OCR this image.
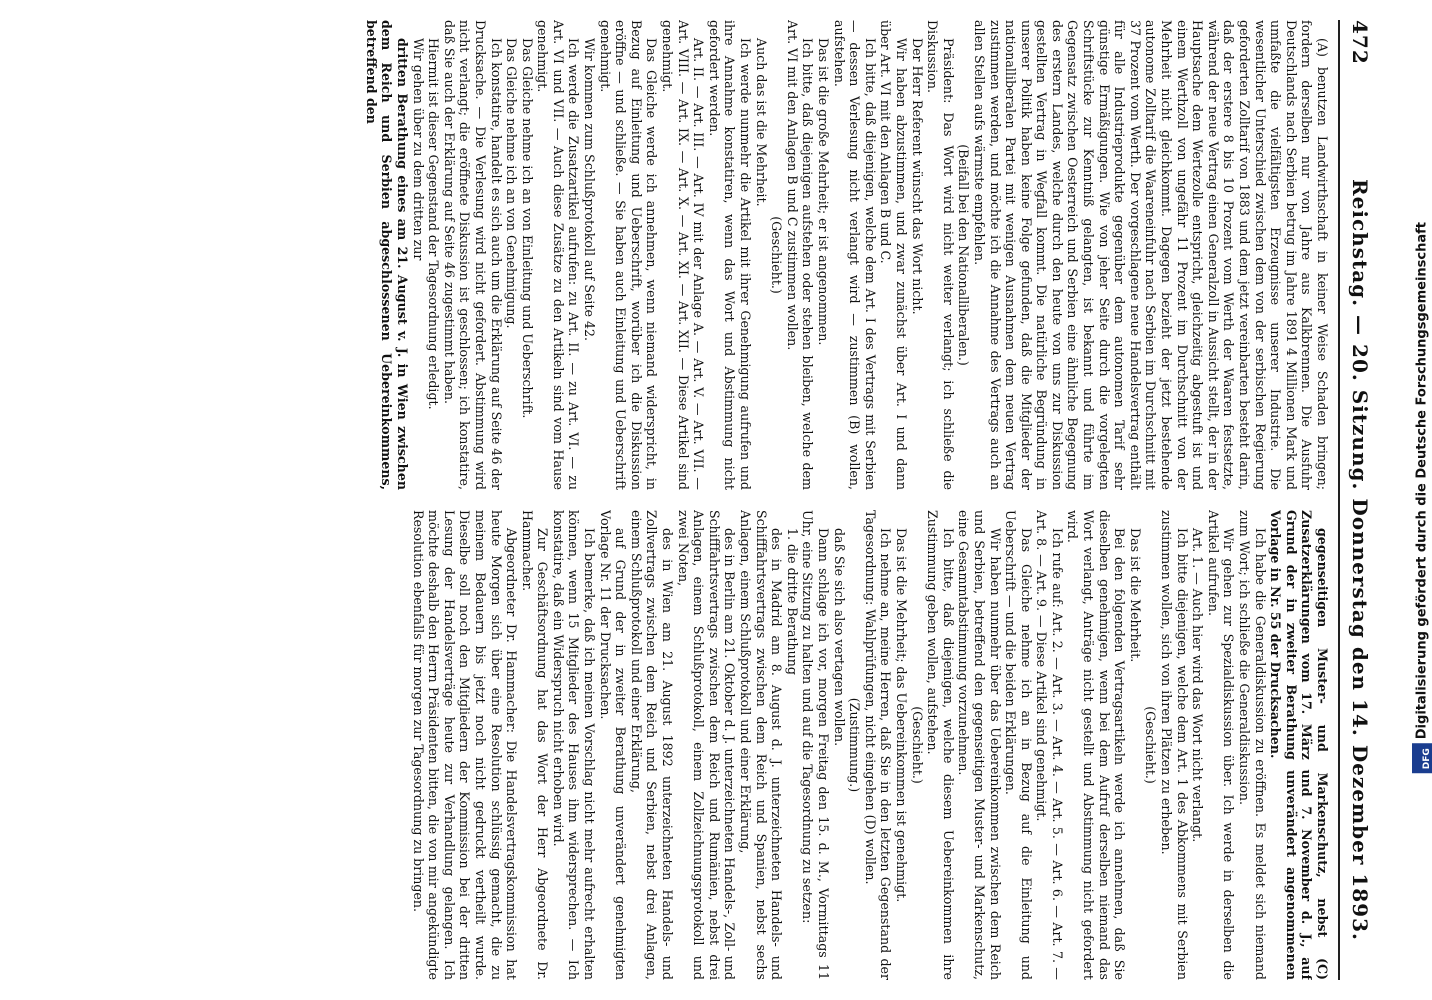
472
Reichstag. — 20. Sitzung. Donnerstag den 14. Dezember 1893.

(A) benutzen Landwirthschaft in keiner Weise Schaden bringen; fordern derselben nur von Jahre aus Kalkbrennen. Die Ausfuhr Deutschlands nach Serbien betrug im Jahre 1891 4 Millionen Mark und umfaßte die vielfältigsten Erzeugnisse unserer Industrie. Die wesentlicher Unterschied zwischen dem von der serbischen Regierung geforderten Zolltarif von 1883 und dem jetzt vereinbarten besteht darin, daß der erstere 8 bis 10 Prozent vom Werth der Waaren festsetzte, während der neue Vertrag einen Generalzoll in Aussicht stellt, der in der Hauptsache dem Wertezolle entspricht, gleichzeitig abgestuft ist und einem Werthzoll von ungefähr 11 Prozent im Durchschnitt von der Mehrheit nicht gleichkommt. Dagegen bezieht der jetzt bestehende autonome Zolltarif die Waareneinfuhr nach Serbien im Durchschnitt mit 37 Prozent vom Werth. Der vorgeschlagene neue Handelsvertrag enthält für alle Industrieprodukte gegenüber dem autonomen Tarif sehr günstige Ermäßigungen. Wie von jeher Seite durch die vorgelegten Schriftstücke zur Kenntniß gelangten, ist bekannt und führte im Gegensatz zwischen Oesterreich und Serbien eine ähnliche Begegnung des erstern Landes, welche durch den heute von uns zur Diskussion gestellten Vertrag in Wegfall kommt. Die natürliche Begründung in unserer Politik haben keine Folge gefunden, daß die Mitglieder der nationalliberalen Partei mit wenigen Ausnahmen dem neuen Vertrag zustimmen werden, und möchte ich die Annahme des Vertrags auch an allen Stellen aufs wärmste empfehlen.

(Beifall bei den Nationalliberalen.)

Präsident: Das Wort wird nicht weiter verlangt; ich schließe die Diskussion.

Der Herr Referent wünscht das Wort nicht.

Wir haben abzustimmen, und zwar zunächst über Art. I und dann über Art. VI mit den Anlagen B und C.

Ich bitte, daß diejenigen, welche dem Art. I des Vertrags mit Serbien — dessen Verlesung nicht verlangt wird — zustimmen (B) wollen, aufstehen.

Das ist die große Mehrheit; er ist angenommen.

Ich bitte, daß diejenigen aufstehen oder stehen bleiben, welche dem Art. VI mit den Anlagen B und C zustimmen wollen.

(Geschieht.)

Auch das ist die Mehrheit.

Ich werde nunmehr die Artikel mit ihrer Genehmigung aufrufen und ihre Annahme konstatiren, wenn das Wort und Abstimmung nicht gefordert werden.

Art. II. — Art. III. — Art. IV mit der Anlage A. — Art. V. — Art. VII. — Art. VIII. — Art. IX. — Art. X. — Art. XI. — Art. XII. — Diese Artikel sind genehmigt.

Das Gleiche werde ich annehmen, wenn niemand widerspricht, in Bezug auf Einleitung und Ueberschrift, worüber ich die Diskussion eröffne — und schließe. — Sie haben auch Einleitung und Ueberschrift genehmigt.

Wir kommen zum Schlußprotokoll auf Seite 42.

Ich werde die Zusatzartikel aufrufen: zu Art. II. — zu Art. VI. — zu Art. VI und VII. — Auch diese Zusätze zu den Artikeln sind vom Hause genehmigt.

Das Gleiche nehme ich an von Einleitung und Ueberschrift.

Das Gleiche nehme ich an von Genehmigung.

Ich konstatire, handelt es sich auch um die Erklärung auf Seite 46 der Drucksache. — Die Verlesung wird nicht gefordert. Abstimmung wird nicht verlangt; die eröffnete Diskussion ist geschlossen; ich konstatire, daß Sie auch der Erklärung auf Seite 46 zugestimmt haben.

Hiermit ist dieser Gegenstand der Tagesordnung erledigt.

Wir gehen über zu dem dritten zur

dritten Berathung eines am 21. August v. J. in Wien zwischen dem Reich und Serbien abgeschlossenen Uebereinkommens, betreffend den

gegenseitigen Muster- und Markenschutz, nebst (C) Zusatzerklärungen vom 17. März und 7. November d. J., auf Grund der in zweiter Berathung unverändert angenommenen Vorlage in Nr. 55 der Drucksachen.

Ich habe die Generaldiskussion zu eröffnen. Es meldet sich niemand zum Wort; ich schließe die Generaldiskussion.

Wir gehen zur Spezialdiskussion über. Ich werde in derselben die Artikel aufrufen.

Art. 1. — Auch hier wird das Wort nicht verlangt.

Ich bitte diejenigen, welche dem Art. 1 des Abkommens mit Serbien zustimmen wollen, sich von ihren Plätzen zu erheben.

(Geschieht.)

Das ist die Mehrheit.

Bei den folgenden Vertragsartikeln werde ich annehmen, daß Sie dieselben genehmigen, wenn bei dem Aufruf derselben niemand das Wort verlangt, Anträge nicht gestellt und Abstimmung nicht gefordert wird.

Ich rufe auf: Art. 2. — Art. 3. — Art. 4. — Art. 5. — Art. 6. — Art. 7. — Art. 8. — Art. 9. — Diese Artikel sind genehmigt.

Das Gleiche nehme ich an in Bezug auf die Einleitung und Ueberschrift — und die beiden Erklärungen.

Wir haben nunmehr über das Uebereinkommen zwischen dem Reich und Serbien, betreffend den gegenseitigen Muster- und Markenschutz, eine Gesammtabstimmung vorzunehmen.

Ich bitte, daß diejenigen, welche diesem Uebereinkommen ihre Zustimmung geben wollen, aufstehen.

(Geschieht.)

Das ist die Mehrheit; das Uebereinkommen ist genehmigt.

Ich nehme an, meine Herren, daß Sie in den letzten Gegenstand der Tagesordnung: Wahlprüfungen, nicht eingehen (D) wollen.

(Zustimmung.)

daß Sie sich also vertagen wollen.

Dann schlage ich vor, morgen Freitag den 15. d. M., Vormittags 11 Uhr, eine Sitzung zu halten und auf die Tagesordnung zu setzen:

1. die dritte Berathung

des in Madrid am 8. August d. J. unterzeichneten Handels- und Schifffahrtsvertrags zwischen dem Reich und Spanien, nebst sechs Anlagen, einem Schlußprotokoll und einer Erklärung,

des in Berlin am 21. Oktober d. J. unterzeichneten Handels-, Zoll- und Schifffahrtsvertrags zwischen dem Reich und Rumänien, nebst drei Anlagen, einem Schlußprotokoll, einem Zollzeichnungsprotokoll und zwei Noten,

des in Wien am 21. August 1892 unterzeichneten Handels- und Zollvertrags zwischen dem Reich und Serbien, nebst drei Anlagen, einem Schlußprotokoll und einer Erklärung,

auf Grund der in zweiter Berathung unverändert genehmigten Vorlage Nr. 11 der Drucksachen.

Ich bemerke, daß ich meinen Vorschlag nicht mehr aufrecht erhalten können, wenn 15 Mitglieder des Hauses ihm widersprechen. — Ich konstatire, daß ein Widerspruch nicht erhoben wird.

Zur Geschäftsordnung hat das Wort der Herr Abgeordnete Dr. Hammacher.

Abgeordneter Dr. Hammacher: Die Handelsvertragskommission hat heute Morgen sich über eine Resolution schlüssig gemacht, die zu meinem Bedauern bis jetzt noch nicht gedruckt vertheilt wurde. Dieselbe soll noch den Mitgliedern der Kommission bei der dritten Lesung der Handelsverträge heute zur Verhandlung gelangen. Ich möchte deshalb den Herrn Präsidenten bitten, die von mir angekündigte Resolution ebenfalls für morgen zur Tagesordnung zu bringen.	DFG
Digitalisierung gefördert durch die Deutsche Forschungsgemeinschaft
